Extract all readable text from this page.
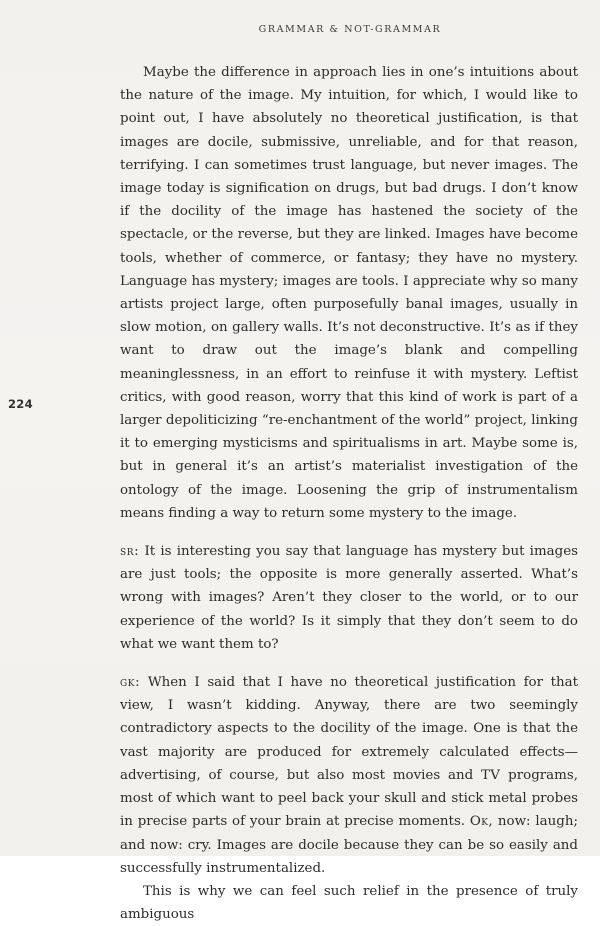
GRAMMAR & NOT-GRAMMAR
224

Maybe the difference in approach lies in one’s intuitions about the nature of the image. My intuition, for which, I would like to point out, I have absolutely no theoretical justification, is that images are docile, submissive, unreliable, and for that reason, terrifying. I can sometimes trust language, but never images. The image today is signification on drugs, but bad drugs. I don’t know if the docility of the image has hastened the society of the spectacle, or the reverse, but they are linked. Images have become tools, whether of commerce, or fantasy; they have no mystery. Language has mystery; images are tools. I appreciate why so many artists project large, often purposefully banal images, usually in slow motion, on gallery walls. It’s not deconstructive. It’s as if they want to draw out the image’s blank and compelling meaninglessness, in an effort to reinfuse it with mystery. Leftist critics, with good reason, worry that this kind of work is part of a larger depoliticizing “re-enchantment of the world” project, linking it to emerging mysticisms and spiritualisms in art. Maybe some is, but in general it’s an artist’s materialist investigation of the ontology of the image. Loosening the grip of instrumentalism means finding a way to return some mystery to the image.

sr: It is interesting you say that language has mystery but images are just tools; the opposite is more generally asserted. What’s wrong with images? Aren’t they closer to the world, or to our experience of the world? Is it simply that they don’t seem to do what we want them to?

gk: When I said that I have no theoretical justification for that view, I wasn’t kidding. Anyway, there are two seemingly contradictory aspects to the docility of the image. One is that the vast majority are produced for extremely calculated effects—advertising, of course, but also most movies and TV programs, most of which want to peel back your skull and stick metal probes in precise parts of your brain at precise moments. Ok, now: laugh; and now: cry. Images are docile because they can be so easily and successfully instrumentalized.

This is why we can feel such relief in the presence of truly ambiguous
